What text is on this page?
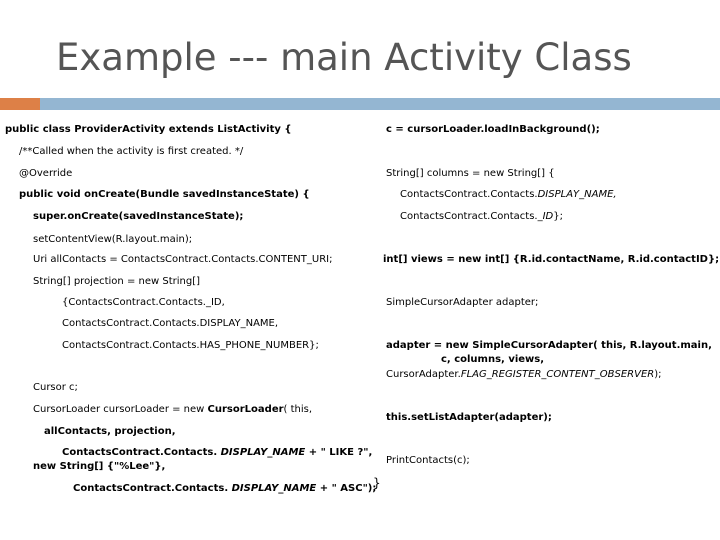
Example --- main Activity Class
public class ProviderActivity extends ListActivity {
/**Called when the activity is first created. */
@Override
public void onCreate(Bundle savedInstanceState) {
super.onCreate(savedInstanceState);
setContentView(R.layout.main);
Uri allContacts = ContactsContract.Contacts.CONTENT_URI;
String[] projection = new String[]
{ContactsContract.Contacts._ID,
ContactsContract.Contacts.DISPLAY_NAME,
ContactsContract.Contacts.HAS_PHONE_NUMBER};
Cursor c;
CursorLoader cursorLoader = new CursorLoader( this,
allContacts, projection,
ContactsContract.Contacts. DISPLAY_NAME + " LIKE ?",
new String[] {"%Lee"},
ContactsContract.Contacts. DISPLAY_NAME + " ASC");
c = cursorLoader.loadInBackground();
String[] columns = new String[] {
ContactsContract.Contacts.DISPLAY_NAME,
ContactsContract.Contacts._ID};
int[] views = new int[] {R.id.contactName, R.id.contactID};
SimpleCursorAdapter adapter;
adapter = new SimpleCursorAdapter( this, R.layout.main,
c, columns, views,
CursorAdapter.FLAG_REGISTER_CONTENT_OBSERVER);
this.setListAdapter(adapter);
PrintContacts(c);
}
